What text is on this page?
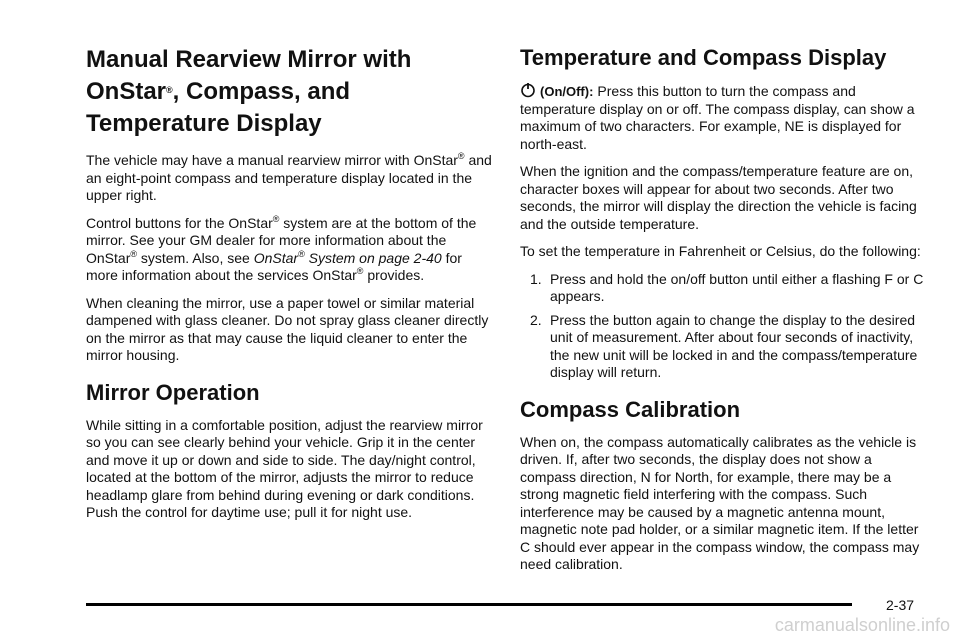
Manual Rearview Mirror with OnStar®, Compass, and Temperature Display

The vehicle may have a manual rearview mirror with OnStar® and an eight-point compass and temperature display located in the upper right.

Control buttons for the OnStar® system are at the bottom of the mirror. See your GM dealer for more information about the OnStar® system. Also, see OnStar® System on page 2-40 for more information about the services OnStar® provides.

When cleaning the mirror, use a paper towel or similar material dampened with glass cleaner. Do not spray glass cleaner directly on the mirror as that may cause the liquid cleaner to enter the mirror housing.

Mirror Operation

While sitting in a comfortable position, adjust the rearview mirror so you can see clearly behind your vehicle. Grip it in the center and move it up or down and side to side. The day/night control, located at the bottom of the mirror, adjusts the mirror to reduce headlamp glare from behind during evening or dark conditions. Push the control for daytime use; pull it for night use.

Temperature and Compass Display

(On/Off): Press this button to turn the compass and temperature display on or off. The compass display, can show a maximum of two characters. For example, NE is displayed for north-east.

When the ignition and the compass/temperature feature are on, character boxes will appear for about two seconds. After two seconds, the mirror will display the direction the vehicle is facing and the outside temperature.

To set the temperature in Fahrenheit or Celsius, do the following:

1. Press and hold the on/off button until either a flashing F or C appears.
2. Press the button again to change the display to the desired unit of measurement. After about four seconds of inactivity, the new unit will be locked in and the compass/temperature display will return.
Compass Calibration

When on, the compass automatically calibrates as the vehicle is driven. If, after two seconds, the display does not show a compass direction, N for North, for example, there may be a strong magnetic field interfering with the compass. Such interference may be caused by a magnetic antenna mount, magnetic note pad holder, or a similar magnetic item. If the letter C should ever appear in the compass window, the compass may need calibration.

2-37
carmanualsonline.info
